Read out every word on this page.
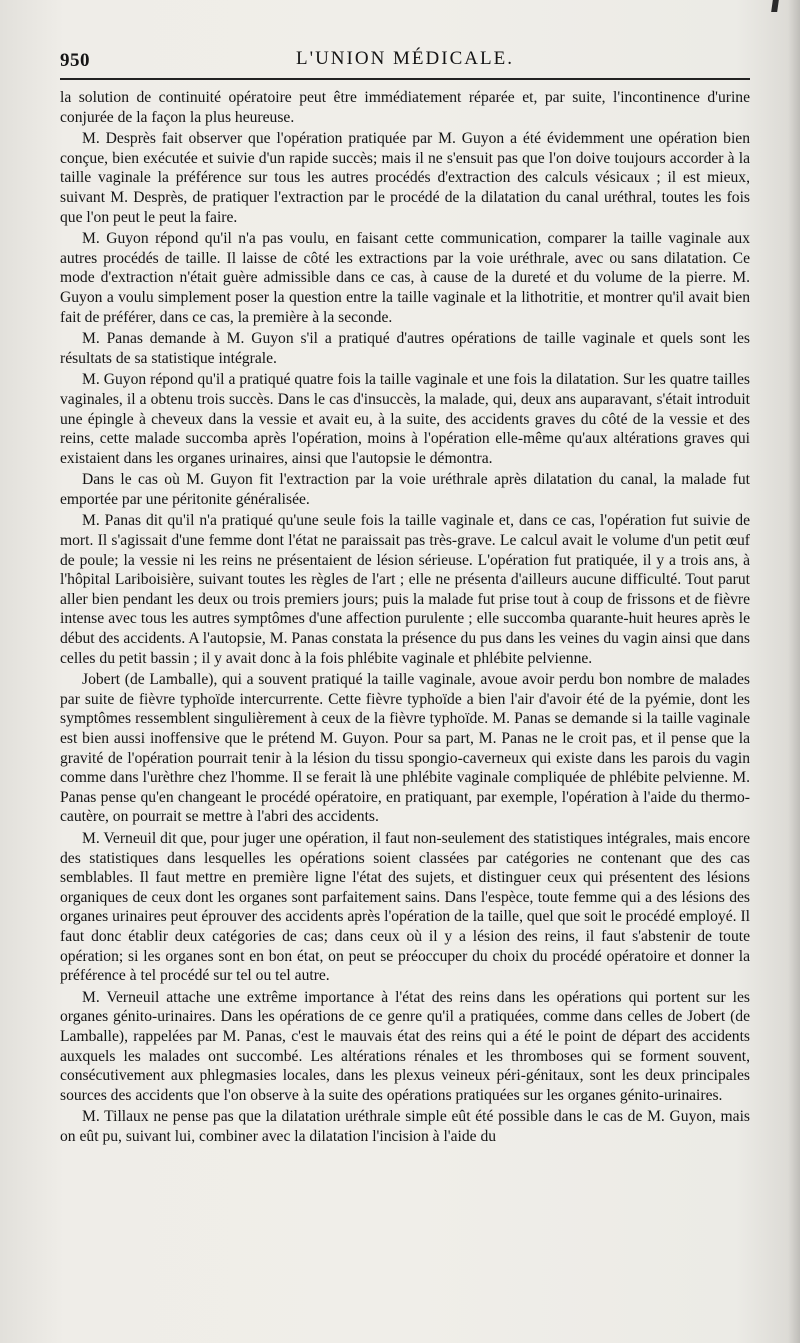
950	L'UNION MÉDICALE.

la solution de continuité opératoire peut être immédiatement réparée et, par suite, l'incontinence d'urine conjurée de la façon la plus heureuse.

M. Desprès fait observer que l'opération pratiquée par M. Guyon a été évidemment une opération bien conçue, bien exécutée et suivie d'un rapide succès; mais il ne s'ensuit pas que l'on doive toujours accorder à la taille vaginale la préférence sur tous les autres procédés d'extraction des calculs vésicaux ; il est mieux, suivant M. Desprès, de pratiquer l'extraction par le procédé de la dilatation du canal uréthral, toutes les fois que l'on peut le peut la faire.

M. Guyon répond qu'il n'a pas voulu, en faisant cette communication, comparer la taille vaginale aux autres procédés de taille. Il laisse de côté les extractions par la voie uréthrale, avec ou sans dilatation. Ce mode d'extraction n'était guère admissible dans ce cas, à cause de la dureté et du volume de la pierre. M. Guyon a voulu simplement poser la question entre la taille vaginale et la lithotritie, et montrer qu'il avait bien fait de préférer, dans ce cas, la première à la seconde.

M. Panas demande à M. Guyon s'il a pratiqué d'autres opérations de taille vaginale et quels sont les résultats de sa statistique intégrale.

M. Guyon répond qu'il a pratiqué quatre fois la taille vaginale et une fois la dilatation. Sur les quatre tailles vaginales, il a obtenu trois succès. Dans le cas d'insuccès, la malade, qui, deux ans auparavant, s'était introduit une épingle à cheveux dans la vessie et avait eu, à la suite, des accidents graves du côté de la vessie et des reins, cette malade succomba après l'opération, moins à l'opération elle-même qu'aux altérations graves qui existaient dans les organes urinaires, ainsi que l'autopsie le démontra.

Dans le cas où M. Guyon fit l'extraction par la voie uréthrale après dilatation du canal, la malade fut emportée par une péritonite généralisée.

M. Panas dit qu'il n'a pratiqué qu'une seule fois la taille vaginale et, dans ce cas, l'opération fut suivie de mort. Il s'agissait d'une femme dont l'état ne paraissait pas très-grave. Le calcul avait le volume d'un petit œuf de poule; la vessie ni les reins ne présentaient de lésion sérieuse. L'opération fut pratiquée, il y a trois ans, à l'hôpital Lariboisière, suivant toutes les règles de l'art ; elle ne présenta d'ailleurs aucune difficulté. Tout parut aller bien pendant les deux ou trois premiers jours; puis la malade fut prise tout à coup de frissons et de fièvre intense avec tous les autres symptômes d'une affection purulente ; elle succomba quarante-huit heures après le début des accidents. A l'autopsie, M. Panas constata la présence du pus dans les veines du vagin ainsi que dans celles du petit bassin ; il y avait donc à la fois phlébite vaginale et phlébite pelvienne.

Jobert (de Lamballe), qui a souvent pratiqué la taille vaginale, avoue avoir perdu bon nombre de malades par suite de fièvre typhoïde intercurrente. Cette fièvre typhoïde a bien l'air d'avoir été de la pyémie, dont les symptômes ressemblent singulièrement à ceux de la fièvre typhoïde. M. Panas se demande si la taille vaginale est bien aussi inoffensive que le prétend M. Guyon. Pour sa part, M. Panas ne le croit pas, et il pense que la gravité de l'opération pourrait tenir à la lésion du tissu spongio-caverneux qui existe dans les parois du vagin comme dans l'urèthre chez l'homme. Il se ferait là une phlébite vaginale compliquée de phlébite pelvienne. M. Panas pense qu'en changeant le procédé opératoire, en pratiquant, par exemple, l'opération à l'aide du thermo-cautère, on pourrait se mettre à l'abri des accidents.

M. Verneuil dit que, pour juger une opération, il faut non-seulement des statistiques intégrales, mais encore des statistiques dans lesquelles les opérations soient classées par catégories ne contenant que des cas semblables. Il faut mettre en première ligne l'état des sujets, et distinguer ceux qui présentent des lésions organiques de ceux dont les organes sont parfaitement sains. Dans l'espèce, toute femme qui a des lésions des organes urinaires peut éprouver des accidents après l'opération de la taille, quel que soit le procédé employé. Il faut donc établir deux catégories de cas; dans ceux où il y a lésion des reins, il faut s'abstenir de toute opération; si les organes sont en bon état, on peut se préoccuper du choix du procédé opératoire et donner la préférence à tel procédé sur tel ou tel autre.

M. Verneuil attache une extrême importance à l'état des reins dans les opérations qui portent sur les organes génito-urinaires. Dans les opérations de ce genre qu'il a pratiquées, comme dans celles de Jobert (de Lamballe), rappelées par M. Panas, c'est le mauvais état des reins qui a été le point de départ des accidents auxquels les malades ont succombé. Les altérations rénales et les thromboses qui se forment souvent, consécutivement aux phlegmasies locales, dans les plexus veineux péri-génitaux, sont les deux principales sources des accidents que l'on observe à la suite des opérations pratiquées sur les organes génito-urinaires.

M. Tillaux ne pense pas que la dilatation uréthrale simple eût été possible dans le cas de M. Guyon, mais on eût pu, suivant lui, combiner avec la dilatation l'incision à l'aide du
